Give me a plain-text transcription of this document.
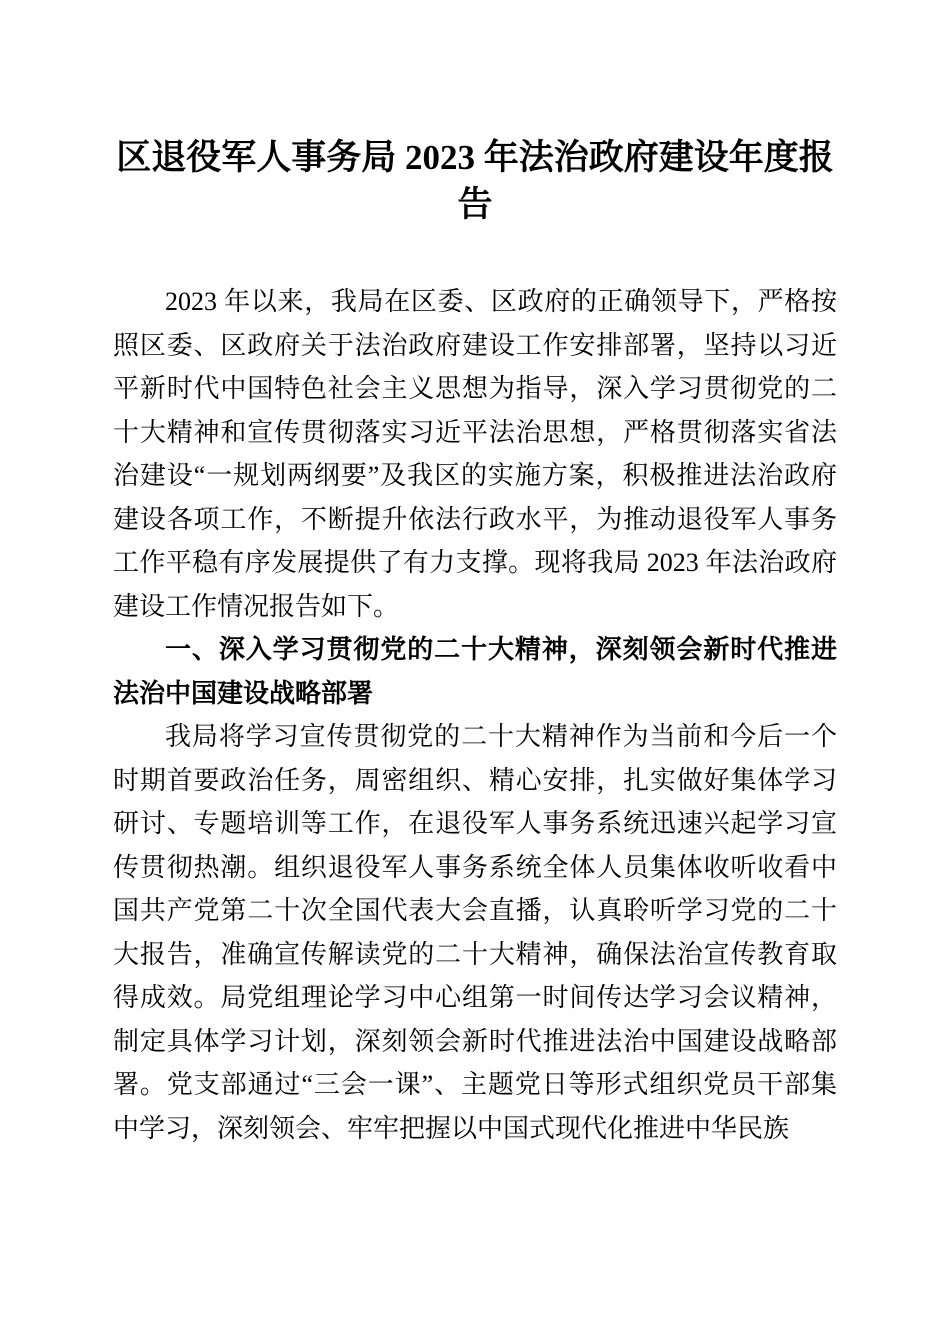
区退役军人事务局 2023 年法治政府建设年度报告

2023 年以来，我局在区委、区政府的正确领导下，严格按照区委、区政府关于法治政府建设工作安排部署，坚持以习近平新时代中国特色社会主义思想为指导，深入学习贯彻党的二十大精神和宣传贯彻落实习近平法治思想，严格贯彻落实省法治建设“一规划两纲要”及我区的实施方案，积极推进法治政府建设各项工作，不断提升依法行政水平，为推动退役军人事务工作平稳有序发展提供了有力支撑。现将我局 2023 年法治政府建设工作情况报告如下。

一、深入学习贯彻党的二十大精神，深刻领会新时代推进法治中国建设战略部署

我局将学习宣传贯彻党的二十大精神作为当前和今后一个时期首要政治任务，周密组织、精心安排，扎实做好集体学习研讨、专题培训等工作，在退役军人事务系统迅速兴起学习宣传贯彻热潮。组织退役军人事务系统全体人员集体收听收看中国共产党第二十次全国代表大会直播，认真聆听学习党的二十大报告，准确宣传解读党的二十大精神，确保法治宣传教育取得成效。局党组理论学习中心组第一时间传达学习会议精神，制定具体学习计划，深刻领会新时代推进法治中国建设战略部署。党支部通过“三会一课”、主题党日等形式组织党员干部集中学习，深刻领会、牢牢把握以中国式现代化推进中华民族
